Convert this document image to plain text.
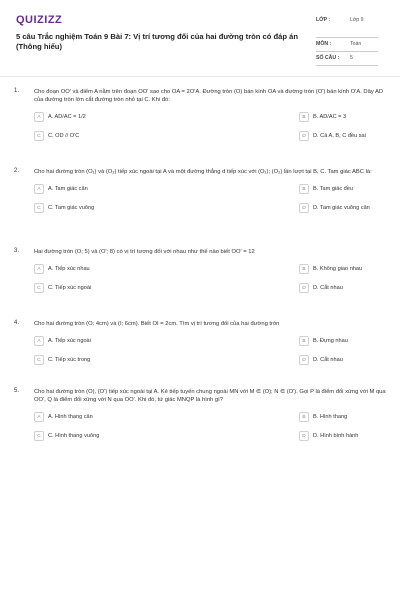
QUIZIZZ
5 câu Trắc nghiệm Toán 9 Bài 7: Vị trí tương đối của hai đường tròn có đáp án (Thông hiểu)
LỚP :	Lớp 9
MÔN :	Toán
SỐ CÂU :	5
1.	Cho đoạn OO' và điểm A nằm trên đoạn OO' sao cho OA = 2O'A. Đường tròn (O) bán kính OA và đường tròn (O') bán kính O'A. Dây AD của đường tròn lớn cắt đường tròn nhỏ tại C. Khi đó:
A	A. AD/AC = 1/2	B	B. AD/AC = 3
C	C. OD // O'C	D	D. Cả A, B, C đều sai
2.	Cho hai đường tròn (O₁) và (O₂) tiếp xúc ngoài tại A và một đường thẳng d tiếp xúc với (O₁); (O₂) lần lượt tại B, C. Tam giác ABC là:
A	A. Tam giác cân	B	B. Tam giác đều
C	C. Tam giác vuông	D	D. Tam giác vuông cân
3.	Hai đường tròn (O; 5) và (O'; 8) có vị trí tương đối với nhau như thế nào biết OO' = 12
A	A. Tiếp xúc nhau	B	B. Không giao nhau
C	C. Tiếp xúc ngoài	D	D. Cắt nhau
4.	Cho hai đường tròn (O; 4cm) và (I; 6cm). Biết OI = 2cm. Tìm vị trí tương đối của hai đường tròn
A	A. Tiếp xúc ngoài	B	B. Đựng nhau
C	C. Tiếp xúc trong	D	D. Cắt nhau
5.	Cho hai đường tròn (O), (O') tiếp xúc ngoài tại A. Kẻ tiếp tuyến chung ngoài MN với M ∈ (O); N ∈ (O'). Gọi P là điểm đối xứng với M qua OO', Q là điểm đối xứng với N qua OO'. Khi đó, tứ giác MNQP là hình gì?
A	A. Hình thang cân	B	B. Hình thang
C	C. Hình thang vuông	D	D. Hình bình hành
